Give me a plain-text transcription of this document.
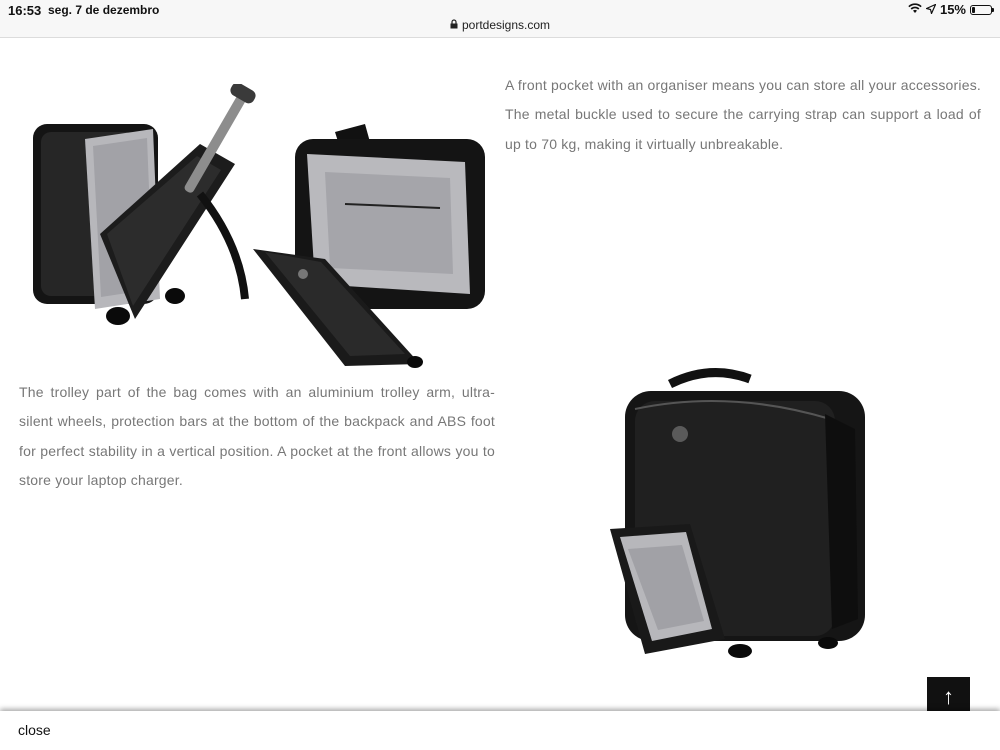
16:53 seg. 7 de dezembro	15%
portdesigns.com

A front pocket with an organiser means you can store all your accessories. The metal buckle used to secure the carrying strap can support a load of up to 70 kg, making it virtually unbreakable.

The trolley part of the bag comes with an aluminium trolley arm, ultra-silent wheels, protection bars at the bottom of the backpack and ABS foot for perfect stability in a vertical position. A pocket at the front allows you to store your laptop charger.

↑
close
